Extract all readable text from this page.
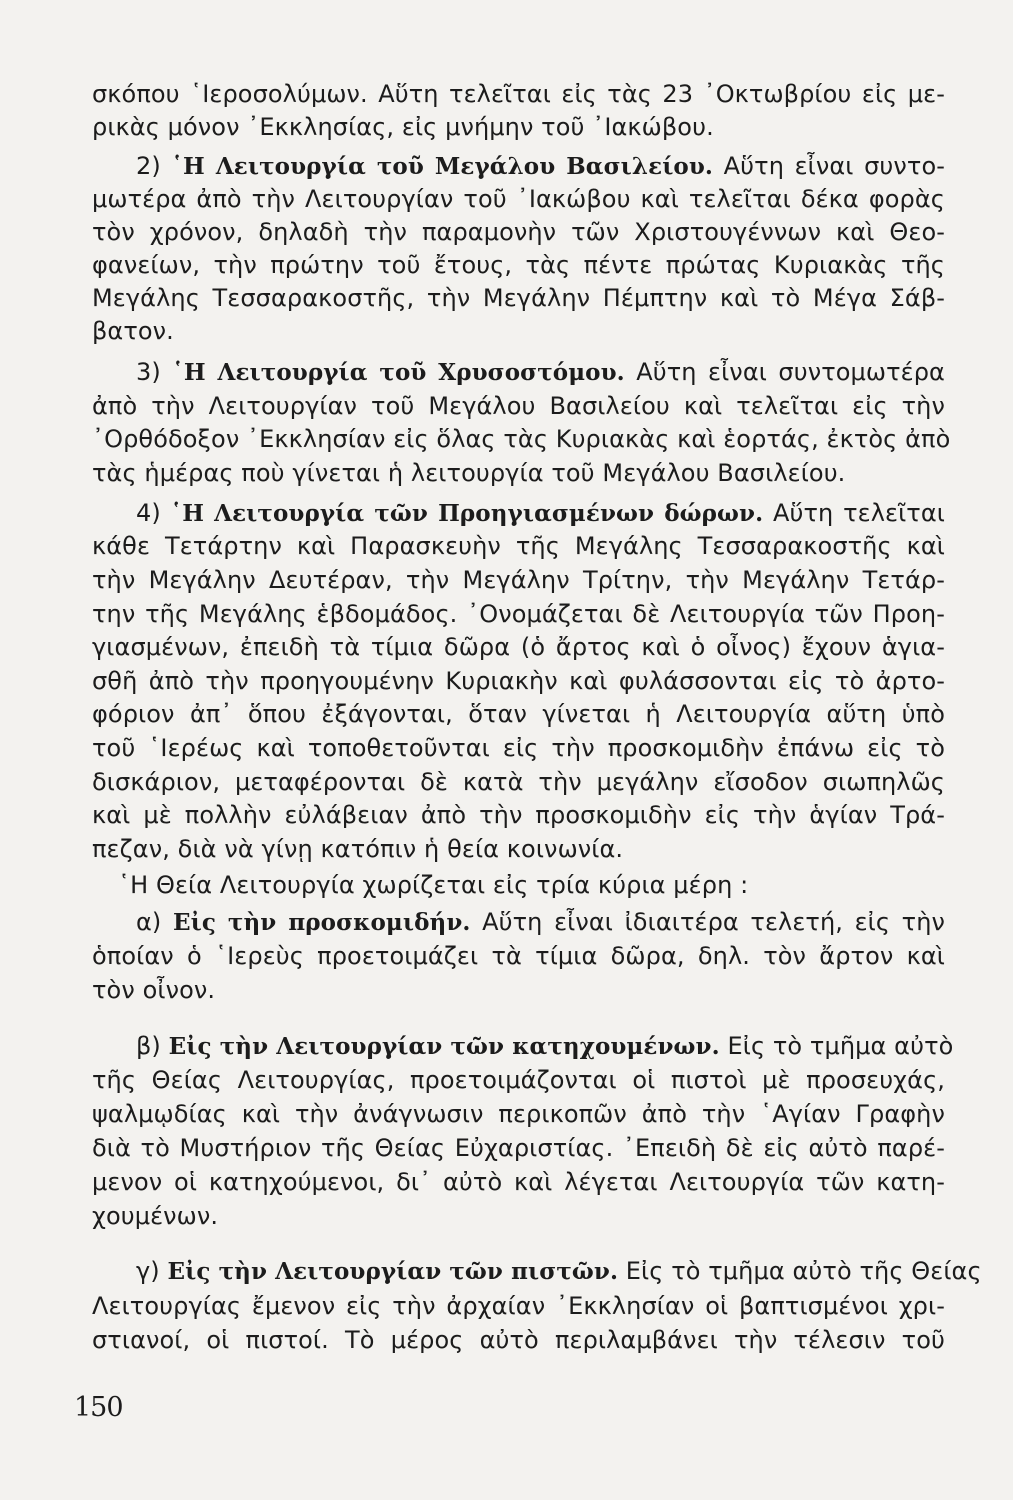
σκόπου ῾Ιεροσολύμων. Αὕτη τελεῖται εἰς τὰς 23 ᾿Οκτωβρίου εἰς με-
ρικὰς μόνον ᾿Εκκλησίας, εἰς μνήμην τοῦ ᾿Ιακώβου.
2) ῾Η Λειτουργία τοῦ Μεγάλου Βασιλείου. Αὕτη εἶναι συντο-
μωτέρα ἀπὸ τὴν Λειτουργίαν τοῦ ᾿Ιακώβου καὶ τελεῖται δέκα φορὰς
τὸν χρόνον, δηλαδὴ τὴν παραμονὴν τῶν Χριστουγέννων καὶ Θεο-
φανείων, τὴν πρώτην τοῦ ἔτους, τὰς πέντε πρώτας Κυριακὰς τῆς
Μεγάλης Τεσσαρακοστῆς, τὴν Μεγάλην Πέμπτην καὶ τὸ Μέγα Σάβ-
βατον.
3) ῾Η Λειτουργία τοῦ Χρυσοστόμου. Αὕτη εἶναι συντομωτέρα
ἀπὸ τὴν Λειτουργίαν τοῦ Μεγάλου Βασιλείου καὶ τελεῖται εἰς τὴν
᾿Ορθόδοξον ᾿Εκκλησίαν εἰς ὅλας τὰς Κυριακὰς καὶ ἑορτάς, ἐκτὸς ἀπὸ
τὰς ἡμέρας ποὺ γίνεται ἡ λειτουργία τοῦ Μεγάλου Βασιλείου.
4) ῾Η Λειτουργία τῶν Προηγιασμένων δώρων. Αὕτη τελεῖται
κάθε Τετάρτην καὶ Παρασκευὴν τῆς Μεγάλης Τεσσαρακοστῆς καὶ
τὴν Μεγάλην Δευτέραν, τὴν Μεγάλην Τρίτην, τὴν Μεγάλην Τετάρ-
την τῆς Μεγάλης ἑβδομάδος. ᾿Ονομάζεται δὲ Λειτουργία τῶν Προη-
γιασμένων, ἐπειδὴ τὰ τίμια δῶρα (ὁ ἄρτος καὶ ὁ οἶνος) ἔχουν ἁγια-
σθῆ ἀπὸ τὴν προηγουμένην Κυριακὴν καὶ φυλάσσονται εἰς τὸ ἀρτο-
φόριον ἀπ᾿ ὅπου ἐξάγονται, ὅταν γίνεται ἡ Λειτουργία αὕτη ὑπὸ
τοῦ ῾Ιερέως καὶ τοποθετοῦνται εἰς τὴν προσκομιδὴν ἐπάνω εἰς τὸ
δισκάριον, μεταφέρονται δὲ κατὰ τὴν μεγάλην εἴσοδον σιωπηλῶς
καὶ μὲ πολλὴν εὐλάβειαν ἀπὸ τὴν προσκομιδὴν εἰς τὴν ἁγίαν Τρά-
πεζαν, διὰ νὰ γίνῃ κατόπιν ἡ θεία κοινωνία.
῾Η Θεία Λειτουργία χωρίζεται εἰς τρία κύρια μέρη :
α) Εἰς τὴν προσκομιδήν. Αὕτη εἶναι ἰδιαιτέρα τελετή, εἰς τὴν
ὁποίαν ὁ ῾Ιερεὺς προετοιμάζει τὰ τίμια δῶρα, δηλ. τὸν ἄρτον καὶ
τὸν οἶνον.
β) Εἰς τὴν Λειτουργίαν τῶν κατηχουμένων. Εἰς τὸ τμῆμα αὐτὸ
τῆς Θείας Λειτουργίας, προετοιμάζονται οἱ πιστοὶ μὲ προσευχάς,
ψαλμῳδίας καὶ τὴν ἀνάγνωσιν περικοπῶν ἀπὸ τὴν ῾Αγίαν Γραφὴν
διὰ τὸ Μυστήριον τῆς Θείας Εὐχαριστίας. ᾿Επειδὴ δὲ εἰς αὐτὸ παρέ-
μενον οἱ κατηχούμενοι, δι᾿ αὐτὸ καὶ λέγεται Λειτουργία τῶν κατη-
χουμένων.
γ) Εἰς τὴν Λειτουργίαν τῶν πιστῶν. Εἰς τὸ τμῆμα αὐτὸ τῆς Θείας
Λειτουργίας ἔμενον εἰς τὴν ἀρχαίαν ᾿Εκκλησίαν οἱ βαπτισμένοι χρι-
στιανοί, οἱ πιστοί. Τὸ μέρος αὐτὸ περιλαμβάνει τὴν τέλεσιν τοῦ
150
